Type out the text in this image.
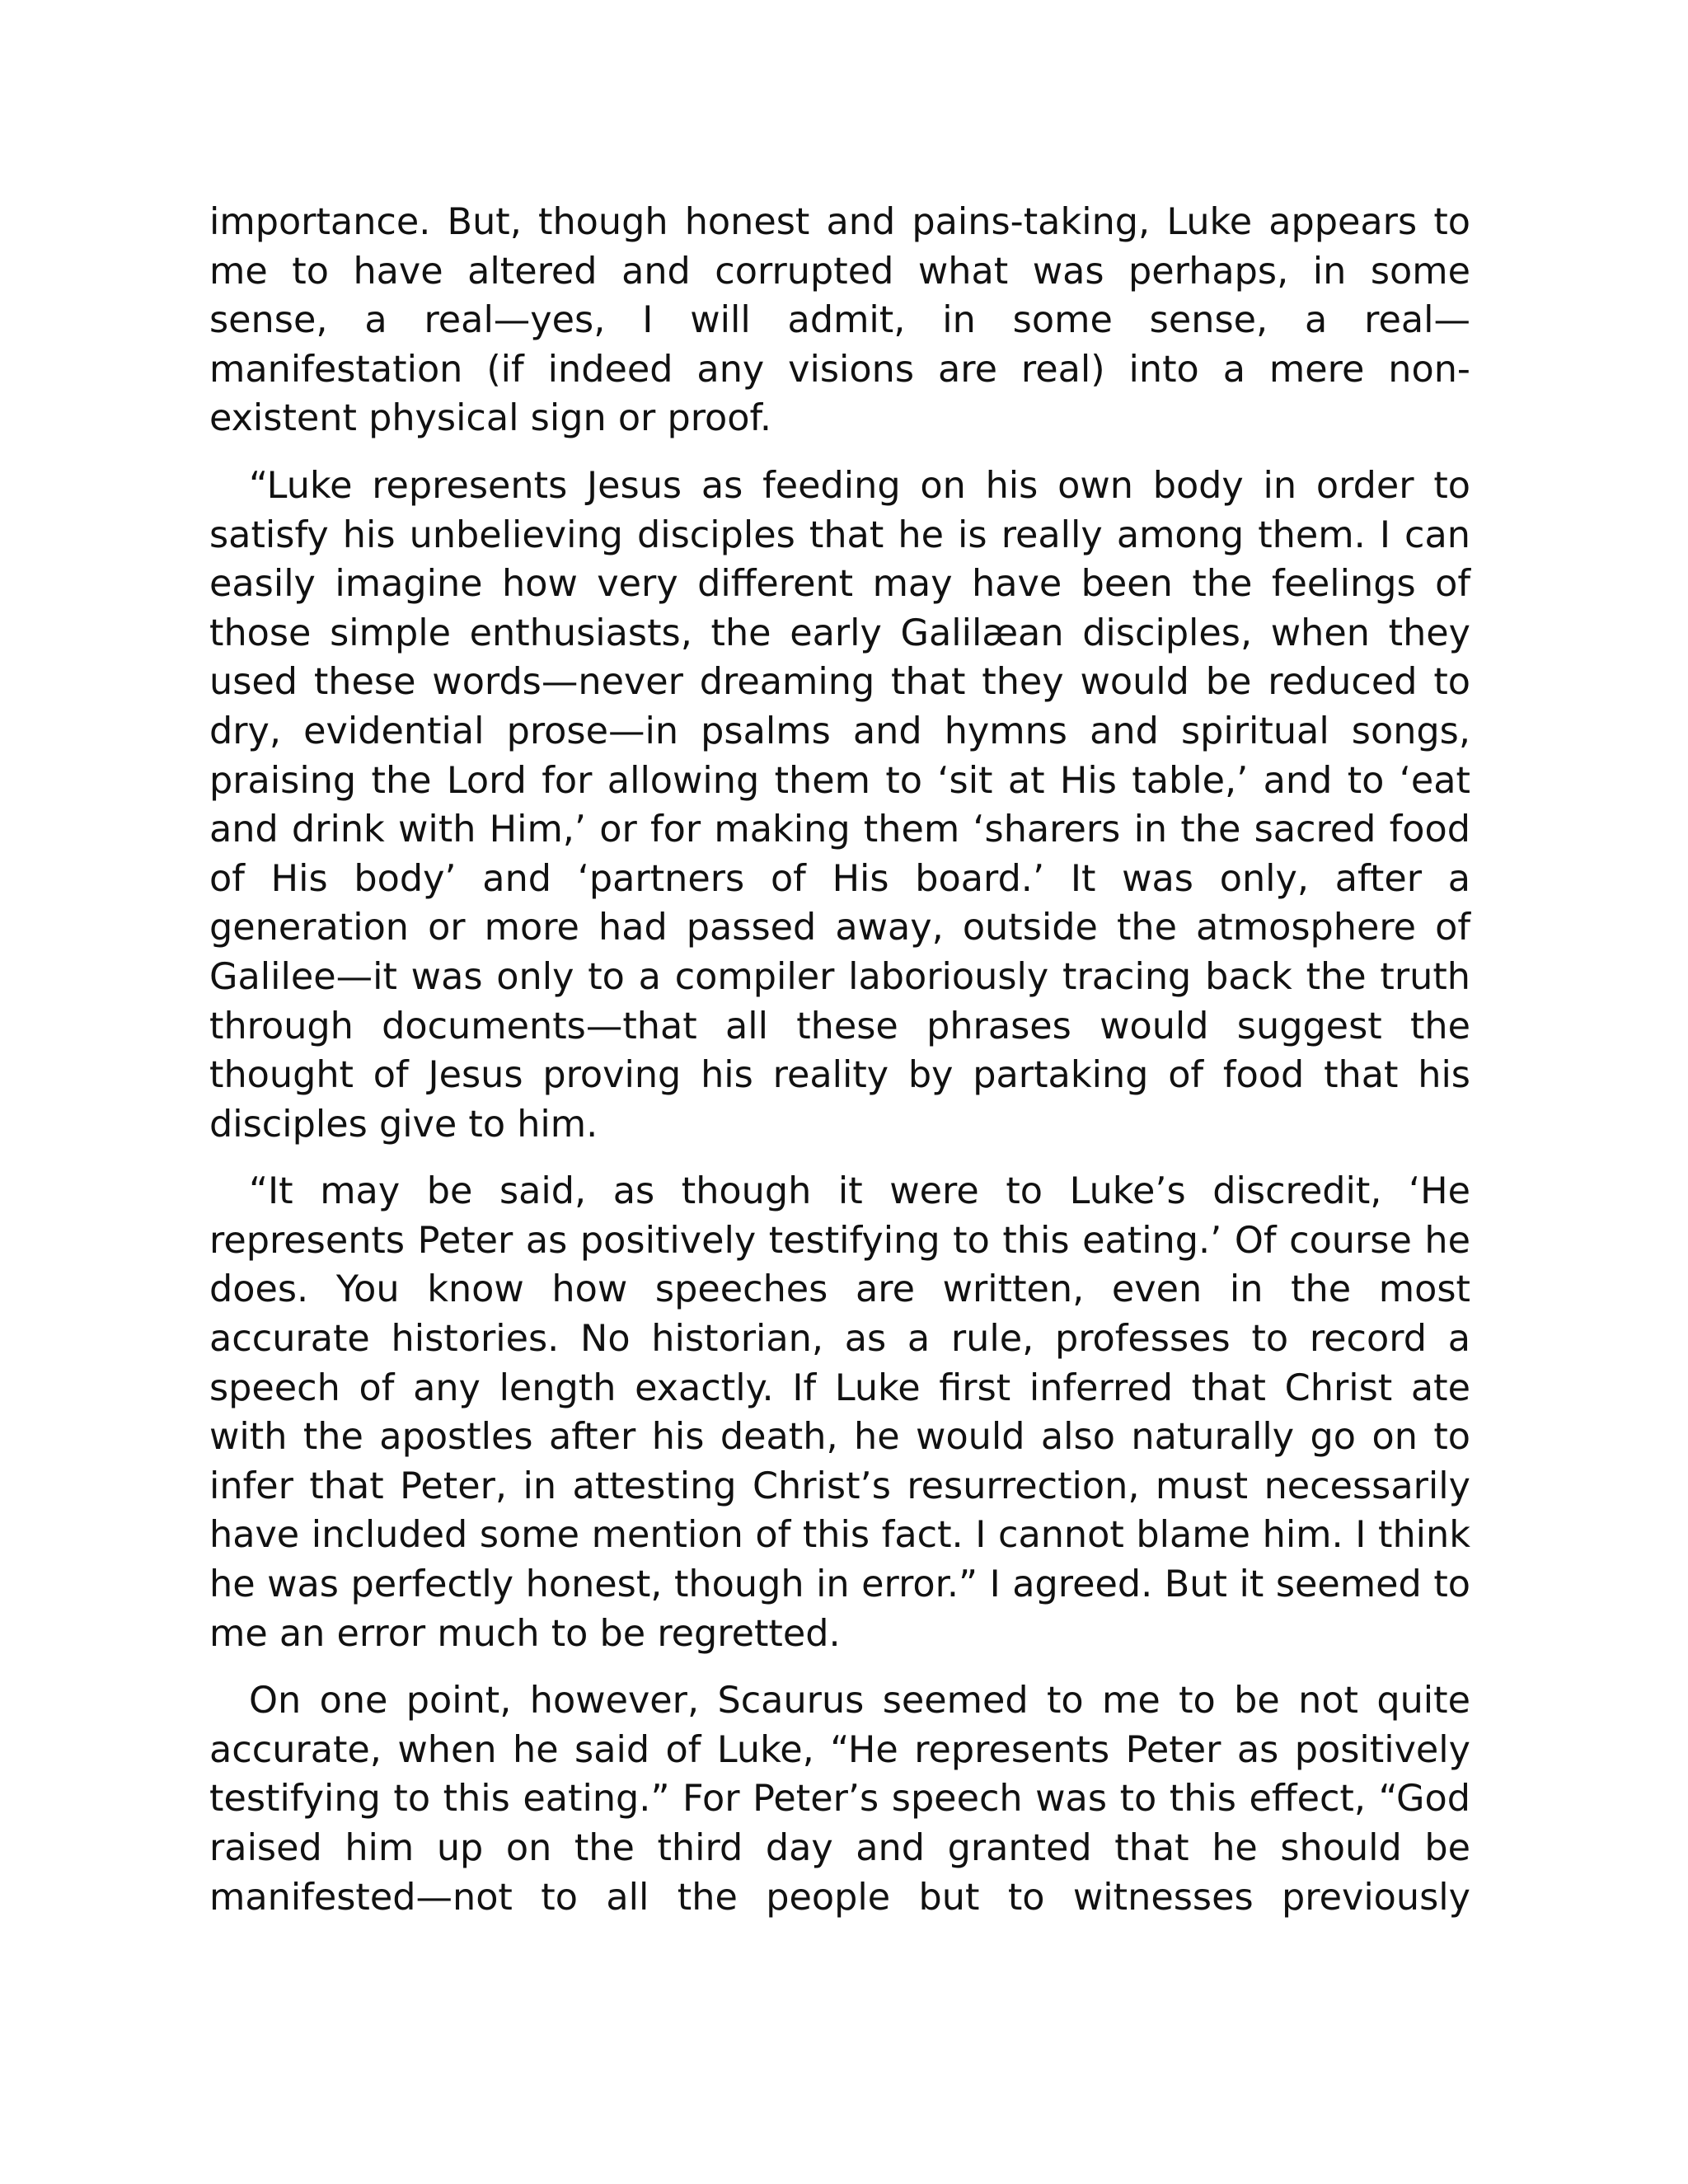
importance. But, though honest and pains-taking, Luke appears to me to have altered and corrupted what was perhaps, in some sense, a real—yes, I will admit, in some sense, a real—manifestation (if indeed any visions are real) into a mere non-existent physical sign or proof.

“Luke represents Jesus as feeding on his own body in order to satisfy his unbelieving disciples that he is really among them. I can easily imagine how very different may have been the feelings of those simple enthusiasts, the early Galilæan disciples, when they used these words—never dreaming that they would be reduced to dry, evidential prose—in psalms and hymns and spiritual songs, praising the Lord for allowing them to ‘sit at His table,’ and to ‘eat and drink with Him,’ or for making them ‘sharers in the sacred food of His body’ and ‘partners of His board.’ It was only, after a generation or more had passed away, outside the atmosphere of Galilee—it was only to a compiler laboriously tracing back the truth through documents—that all these phrases would suggest the thought of Jesus proving his reality by partaking of food that his disciples give to him.

“It may be said, as though it were to Luke’s discredit, ‘He represents Peter as positively testifying to this eating.’ Of course he does. You know how speeches are written, even in the most accurate histories. No historian, as a rule, professes to record a speech of any length exactly. If Luke first inferred that Christ ate with the apostles after his death, he would also naturally go on to infer that Peter, in attesting Christ’s resurrection, must necessarily have included some mention of this fact. I cannot blame him. I think he was perfectly honest, though in error.” I agreed. But it seemed to me an error much to be regretted.

On one point, however, Scaurus seemed to me to be not quite accurate, when he said of Luke, “He represents Peter as positively testifying to this eating.” For Peter’s speech was to this effect, “God raised him up on the third day and granted that he should be manifested—not to all the people but to witnesses previously
